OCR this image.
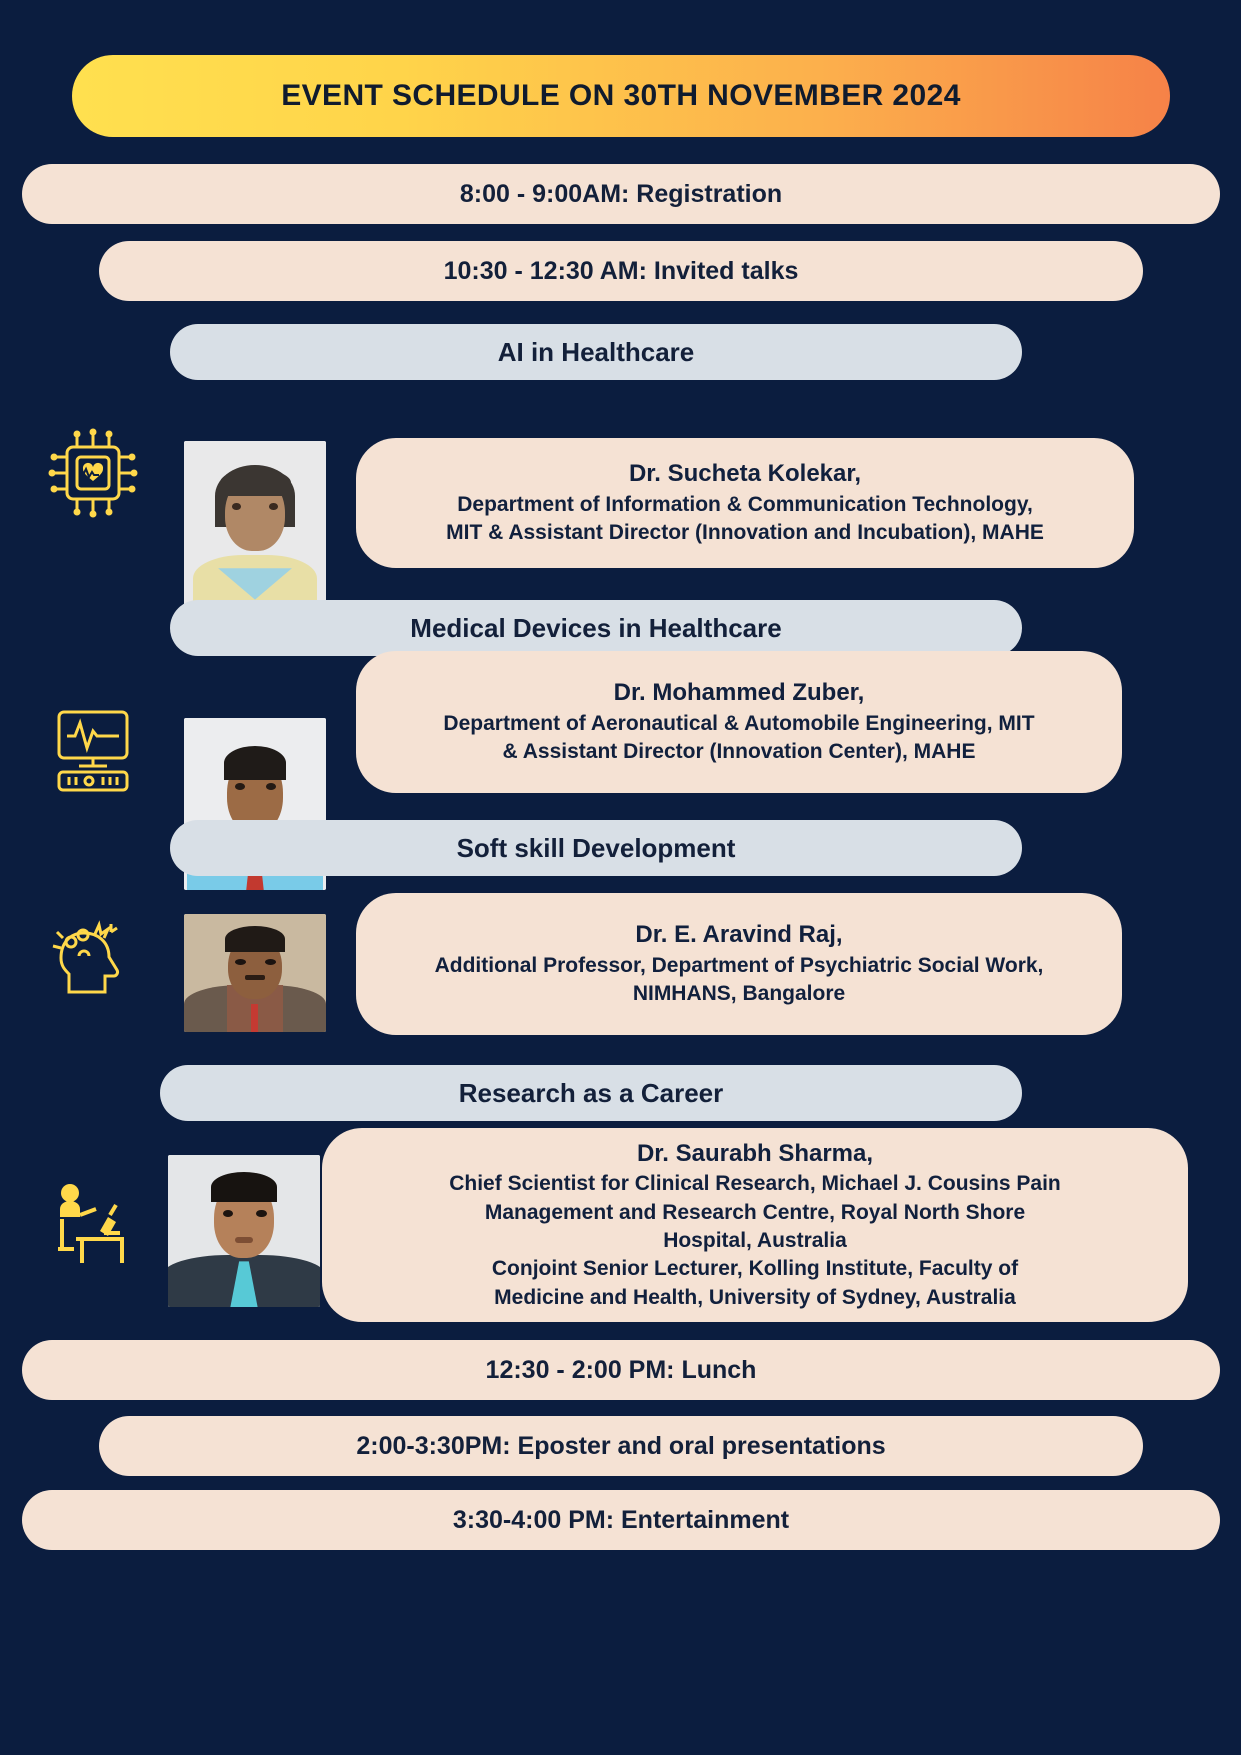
EVENT SCHEDULE ON 30TH NOVEMBER 2024
8:00 - 9:00AM: Registration
10:30 - 12:30 AM: Invited talks
AI in Healthcare
Dr. Sucheta Kolekar,
Department of Information & Communication Technology,
MIT & Assistant Director (Innovation and Incubation), MAHE
Medical Devices in Healthcare
Dr. Mohammed Zuber,
Department of Aeronautical & Automobile Engineering, MIT
& Assistant Director (Innovation Center), MAHE
Soft skill Development
Dr. E. Aravind Raj,
Additional Professor, Department of Psychiatric Social Work,
NIMHANS, Bangalore
Research as a Career
Dr. Saurabh Sharma,
Chief Scientist for Clinical Research, Michael J. Cousins Pain
Management and Research Centre, Royal North Shore
Hospital, Australia
Conjoint Senior Lecturer, Kolling Institute, Faculty of
Medicine and Health, University of Sydney, Australia
12:30 - 2:00 PM: Lunch
2:00-3:30PM: Eposter and oral presentations
3:30-4:00 PM: Entertainment
